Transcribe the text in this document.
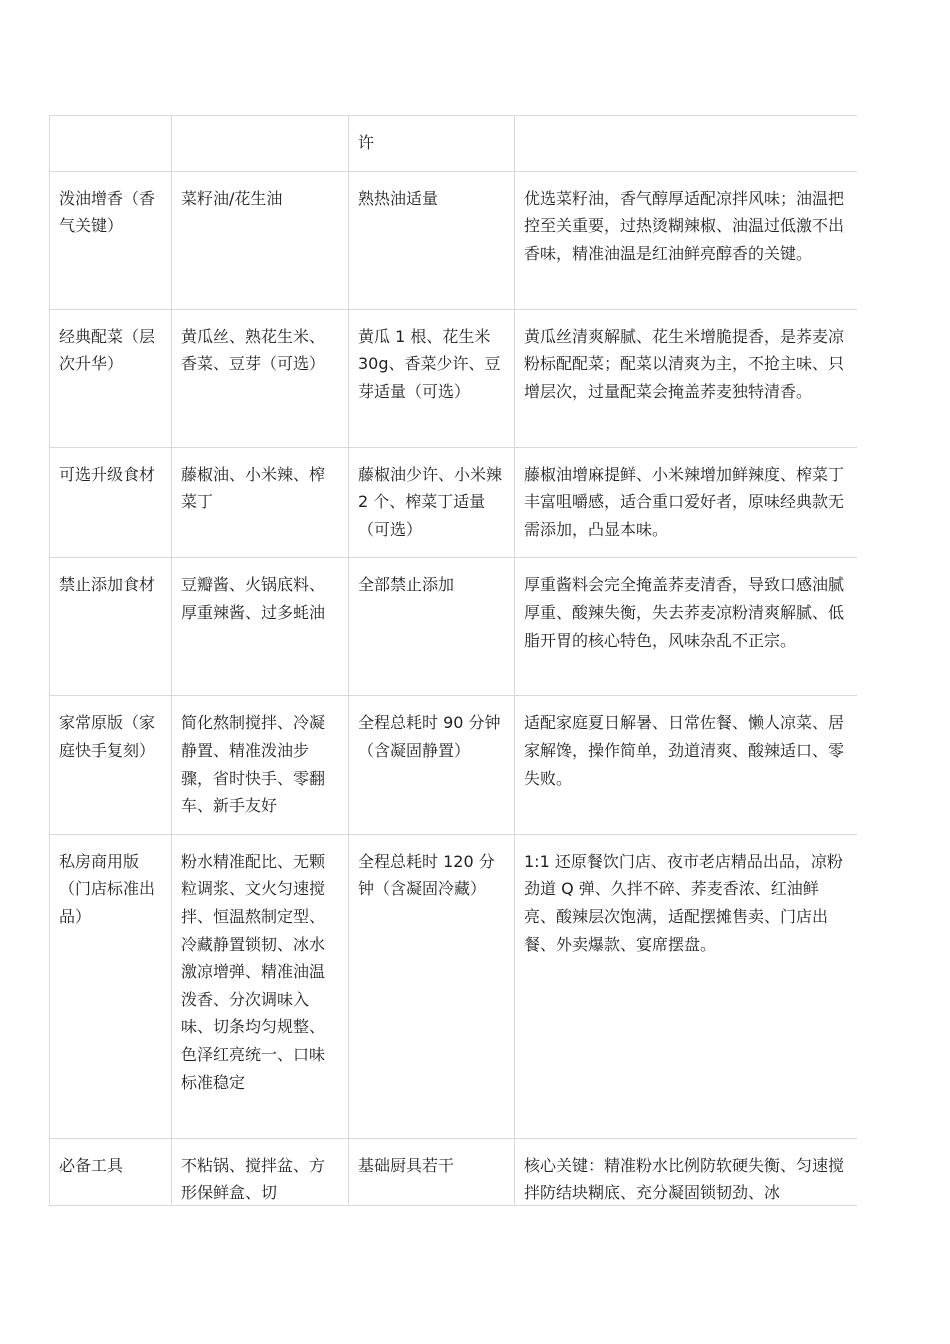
		许	
泼油增香（香气关键）	菜籽油/花生油	熟热油适量	优选菜籽油，香气醇厚适配凉拌风味；油温把控至关重要，过热烫糊辣椒、油温过低激不出香味，精准油温是红油鲜亮醇香的关键。
经典配菜（层次升华）	黄瓜丝、熟花生米、香菜、豆芽（可选）	黄瓜 1 根、花生米 30g、香菜少许、豆芽适量（可选）	黄瓜丝清爽解腻、花生米增脆提香，是荞麦凉粉标配配菜；配菜以清爽为主，不抢主味、只增层次，过量配菜会掩盖荞麦独特清香。
可选升级食材	藤椒油、小米辣、榨菜丁	藤椒油少许、小米辣 2 个、榨菜丁适量（可选）	藤椒油增麻提鲜、小米辣增加鲜辣度、榨菜丁丰富咀嚼感，适合重口爱好者，原味经典款无需添加，凸显本味。
禁止添加食材	豆瓣酱、火锅底料、厚重辣酱、过多蚝油	全部禁止添加	厚重酱料会完全掩盖荞麦清香，导致口感油腻厚重、酸辣失衡，失去荞麦凉粉清爽解腻、低脂开胃的核心特色，风味杂乱不正宗。
家常原版（家庭快手复刻）	简化熬制搅拌、冷凝静置、精准泼油步骤，省时快手、零翻车、新手友好	全程总耗时 90 分钟（含凝固静置）	适配家庭夏日解暑、日常佐餐、懒人凉菜、居家解馋，操作简单，劲道清爽、酸辣适口、零失败。
私房商用版（门店标准出品）	粉水精准配比、无颗粒调浆、文火匀速搅拌、恒温熬制定型、冷藏静置锁韧、冰水激凉增弹、精准油温泼香、分次调味入味、切条均匀规整、色泽红亮统一、口味标准稳定	全程总耗时 120 分钟（含凝固冷藏）	1:1 还原餐饮门店、夜市老店精品出品，凉粉劲道 Q 弹、久拌不碎、荞麦香浓、红油鲜亮、酸辣层次饱满，适配摆摊售卖、门店出餐、外卖爆款、宴席摆盘。
必备工具	不粘锅、搅拌盆、方形保鲜盒、切	基础厨具若干	核心关键：精准粉水比例防软硬失衡、匀速搅拌防结块糊底、充分凝固锁韧劲、冰
